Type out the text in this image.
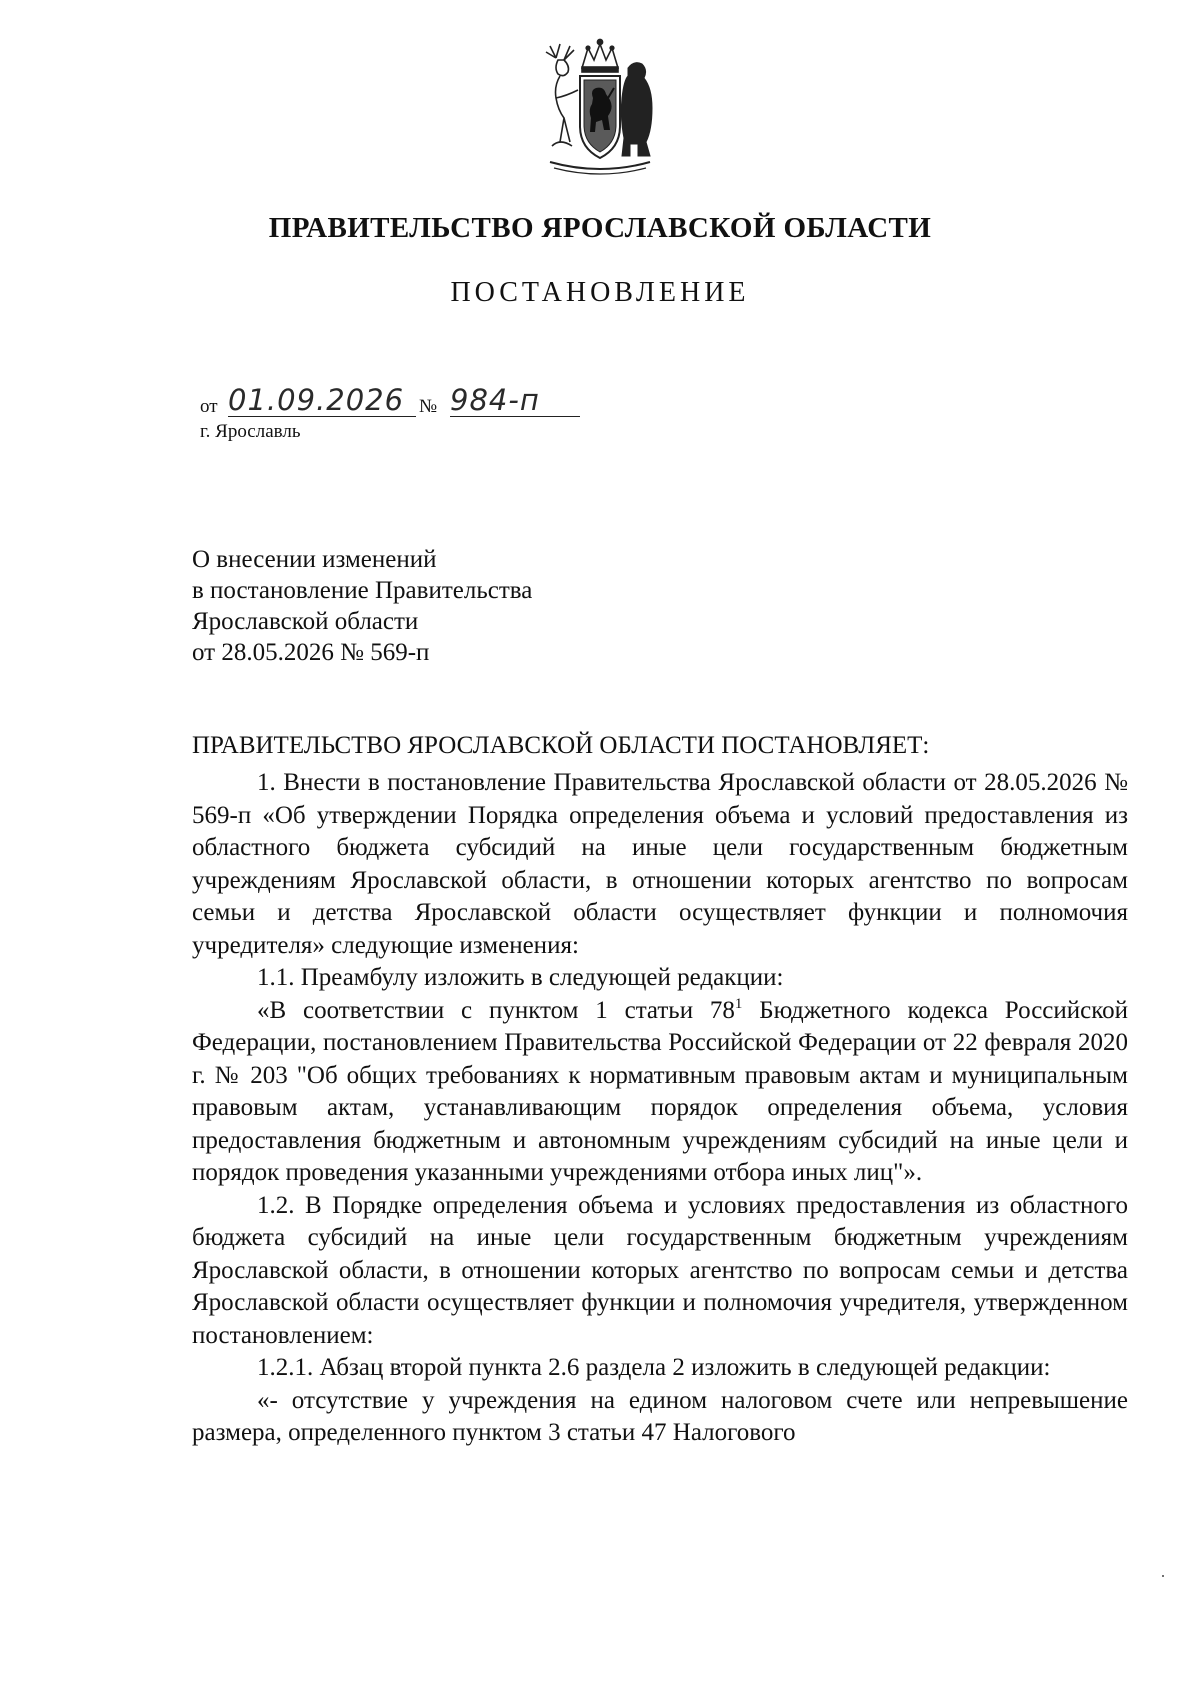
ПРАВИТЕЛЬСТВО ЯРОСЛАВСКОЙ ОБЛАСТИ
ПОСТАНОВЛЕНИЕ
от 01.09.2026 № 984-п
г. Ярославль
О внесении изменений
в постановление Правительства
Ярославской области
от 28.05.2026 № 569-п
ПРАВИТЕЛЬСТВО ЯРОСЛАВСКОЙ ОБЛАСТИ ПОСТАНОВЛЯЕТ:

1. Внести в постановление Правительства Ярославской области от 28.05.2026 № 569-п «Об утверждении Порядка определения объема и условий предоставления из областного бюджета субсидий на иные цели государственным бюджетным учреждениям Ярославской области, в отношении которых агентство по вопросам семьи и детства Ярославской области осуществляет функции и полномочия учредителя» следующие изменения:

1.1. Преамбулу изложить в следующей редакции:

«В соответствии с пунктом 1 статьи $78^1$ Бюджетного кодекса Российской Федерации, постановлением Правительства Российской Федерации от 22 февраля 2020 г. № 203 "Об общих требованиях к нормативным правовым актам и муниципальным правовым актам, устанавливающим порядок определения объема, условия предоставления бюджетным и автономным учреждениям субсидий на иные цели и порядок проведения указанными учреждениями отбора иных лиц"».

1.2. В Порядке определения объема и условиях предоставления из областного бюджета субсидий на иные цели государственным бюджетным учреждениям Ярославской области, в отношении которых агентство по вопросам семьи и детства Ярославской области осуществляет функции и полномочия учредителя, утвержденном постановлением:

1.2.1. Абзац второй пункта 2.6 раздела 2 изложить в следующей редакции:

«- отсутствие у учреждения на едином налоговом счете или непревышение размера, определенного пунктом 3 статьи 47 Налогового
